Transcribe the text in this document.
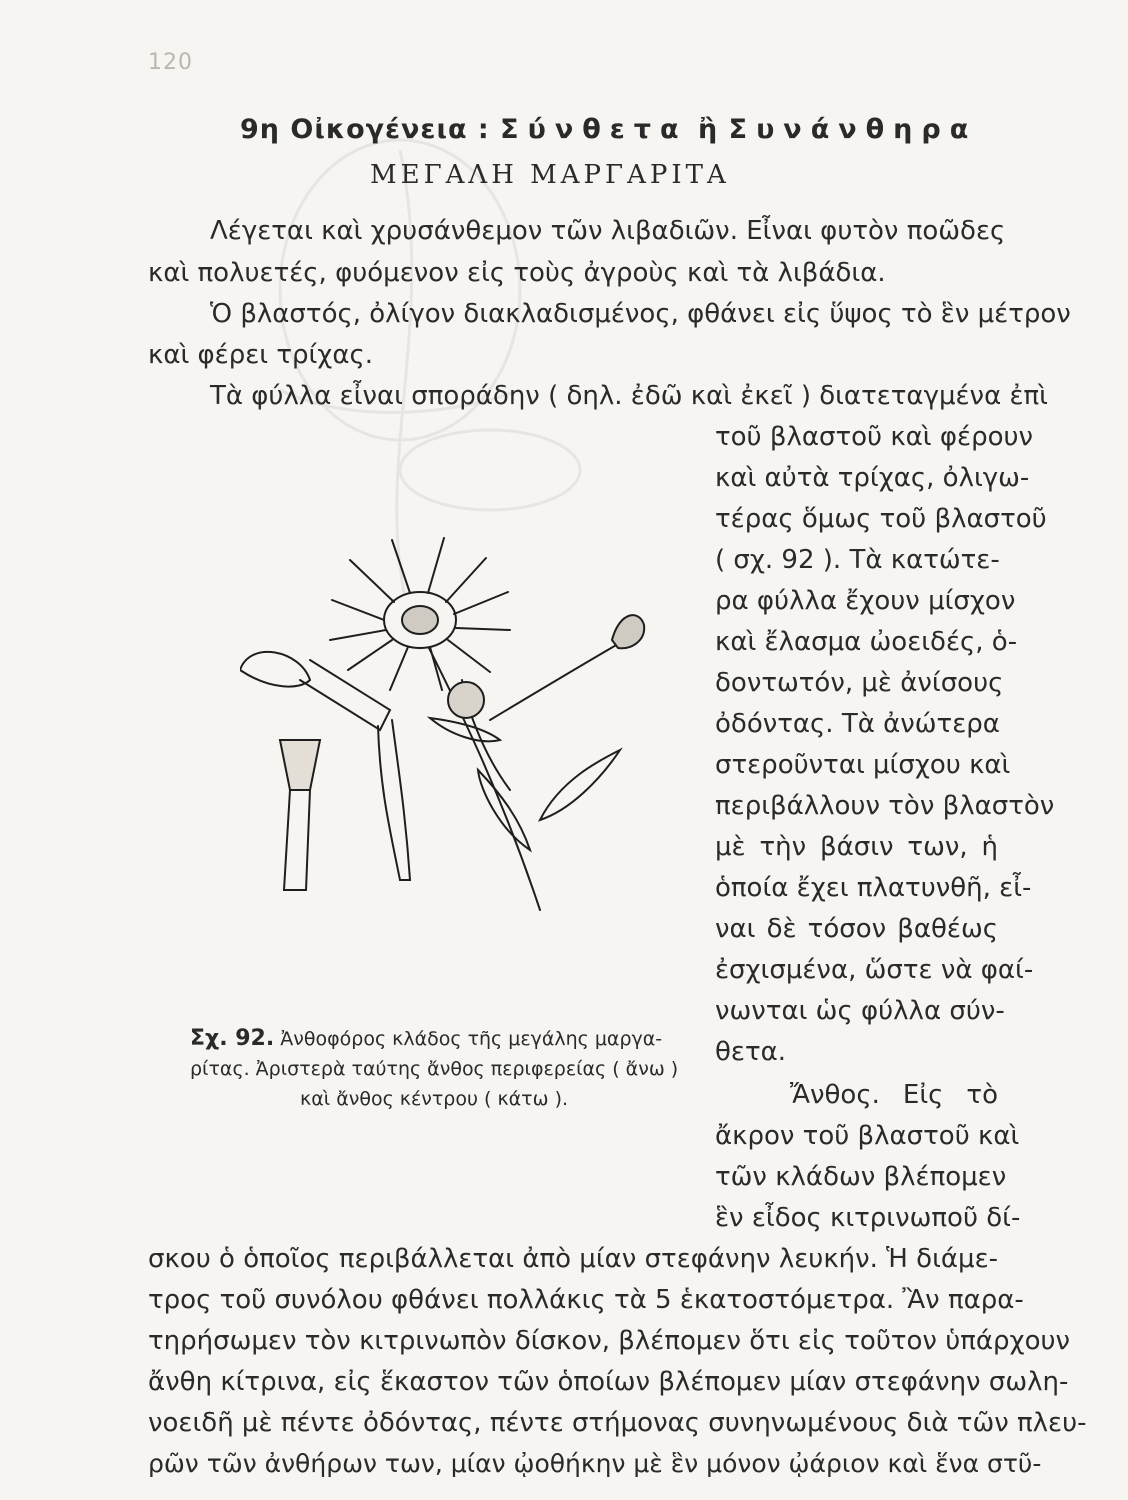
120
9η Οἰκογένεια : Σύνθετα ἢ Συνάνθηρα
ΜΕΓΑΛΗ ΜΑΡΓΑΡΙΤΑ
Λέγεται καὶ χρυσάνθεμον τῶν λιβαδιῶν. Εἶναι φυτὸν ποῶδες
καὶ πολυετές, φυόμενον εἰς τοὺς ἀγροὺς καὶ τὰ λιβάδια.
Ὁ βλαστός, ὀλίγον διακλαδισμένος, φθάνει εἰς ὕψος τὸ ἓν μέτρον
καὶ φέρει τρίχας.
Τὰ φύλλα εἶναι σποράδην ( δηλ. ἐδῶ καὶ ἐκεῖ ) διατεταγμένα ἐπὶ
τοῦ βλαστοῦ καὶ φέρουν
καὶ αὐτὰ τρίχας, ὀλιγω-
τέρας ὅμως τοῦ βλαστοῦ
( σχ. 92 ). Τὰ κατώτε-
ρα φύλλα ἔχουν μίσχον
καὶ ἔλασμα ὠοειδές, ὁ-
δοντωτόν, μὲ ἀνίσους
ὀδόντας. Τὰ ἀνώτερα
στεροῦνται μίσχου καὶ
περιβάλλουν τὸν βλαστὸν
μὲ τὴν βάσιν των, ἡ
ὁποία ἔχει πλατυνθῆ, εἶ-
ναι δὲ τόσον βαθέως
ἐσχισμένα, ὥστε νὰ φαί-
νωνται ὡς φύλλα σύν-
θετα.
Ἄνθος. Εἰς τὸ
ἄκρον τοῦ βλαστοῦ καὶ
τῶν κλάδων βλέπομεν
ἓν εἶδος κιτρινωποῦ δί-
σκου ὁ ὁποῖος περιβάλλεται ἀπὸ μίαν στεφάνην λευκήν. Ἡ διάμε-
τρος τοῦ συνόλου φθάνει πολλάκις τὰ 5 ἑκατοστόμετρα. Ἂν παρα-
τηρήσωμεν τὸν κιτρινωπὸν δίσκον, βλέπομεν ὅτι εἰς τοῦτον ὑπάρχουν
ἄνθη κίτρινα, εἰς ἕκαστον τῶν ὁποίων βλέπομεν μίαν στεφάνην σωλη-
νοειδῆ μὲ πέντε ὀδόντας, πέντε στήμονας συνηνωμένους διὰ τῶν πλευ-
ρῶν τῶν ἀνθήρων των, μίαν ᾠοθήκην μὲ ἓν μόνον ᾠάριον καὶ ἕνα στῦ-
Σχ. 92. Ἀνθοφόρος κλάδος τῆς μεγάλης μαργα-
ρίτας. Ἀριστερὰ ταύτης ἄνθος περιφερείας ( ἄνω )
καὶ ἄνθος κέντρου ( κάτω ).
